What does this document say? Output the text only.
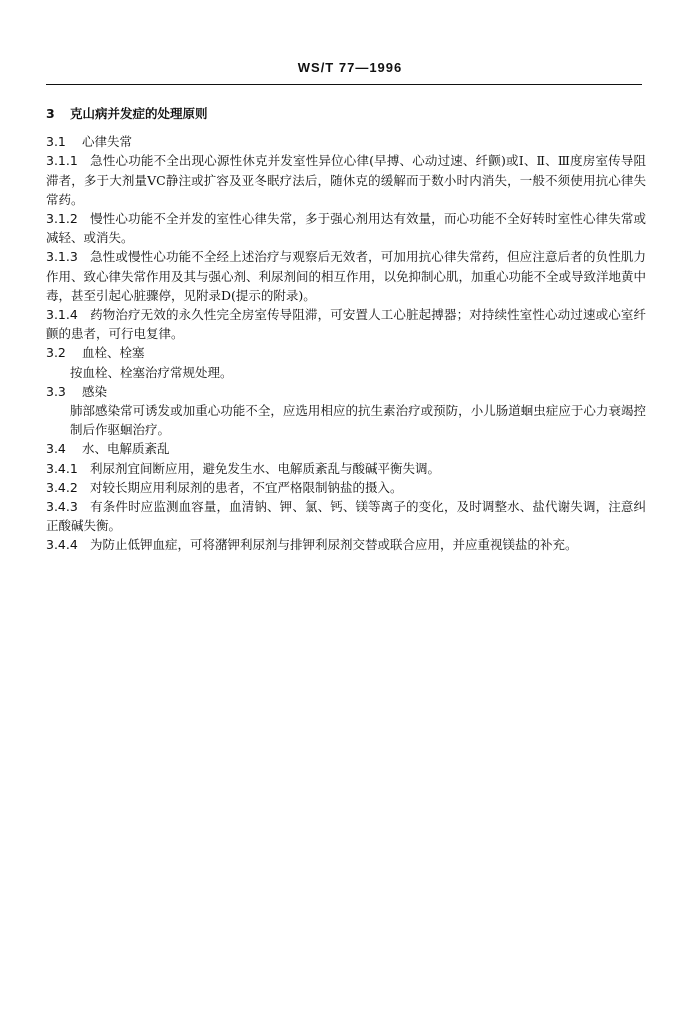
WS/T 77—1996
3 克山病并发症的处理原则
3.1 心律失常

3.1.1 急性心功能不全出现心源性休克并发室性异位心律(早搏、心动过速、纤颤)或Ⅰ、Ⅱ、Ⅲ度房室传导阻滞者，多于大剂量VC静注或扩容及亚冬眠疗法后，随休克的缓解而于数小时内消失，一般不须使用抗心律失常药。

3.1.2 慢性心功能不全并发的室性心律失常，多于强心剂用达有效量，而心功能不全好转时室性心律失常或减轻、或消失。

3.1.3 急性或慢性心功能不全经上述治疗与观察后无效者，可加用抗心律失常药，但应注意后者的负性肌力作用、致心律失常作用及其与强心剂、利尿剂间的相互作用，以免抑制心肌，加重心功能不全或导致洋地黄中毒，甚至引起心脏骤停，见附录D(提示的附录)。

3.1.4 药物治疗无效的永久性完全房室传导阻滞，可安置人工心脏起搏器；对持续性室性心动过速或心室纤颤的患者，可行电复律。

3.2 血栓、栓塞

按血栓、栓塞治疗常规处理。

3.3 感染

肺部感染常可诱发或加重心功能不全，应选用相应的抗生素治疗或预防，小儿肠道蛔虫症应于心力衰竭控制后作驱蛔治疗。

3.4 水、电解质紊乱

3.4.1 利尿剂宜间断应用，避免发生水、电解质紊乱与酸碱平衡失调。

3.4.2 对较长期应用利尿剂的患者，不宜严格限制钠盐的摄入。

3.4.3 有条件时应监测血容量，血清钠、钾、氯、钙、镁等离子的变化，及时调整水、盐代谢失调，注意纠正酸碱失衡。

3.4.4 为防止低钾血症，可将潴钾利尿剂与排钾利尿剂交替或联合应用，并应重视镁盐的补充。
